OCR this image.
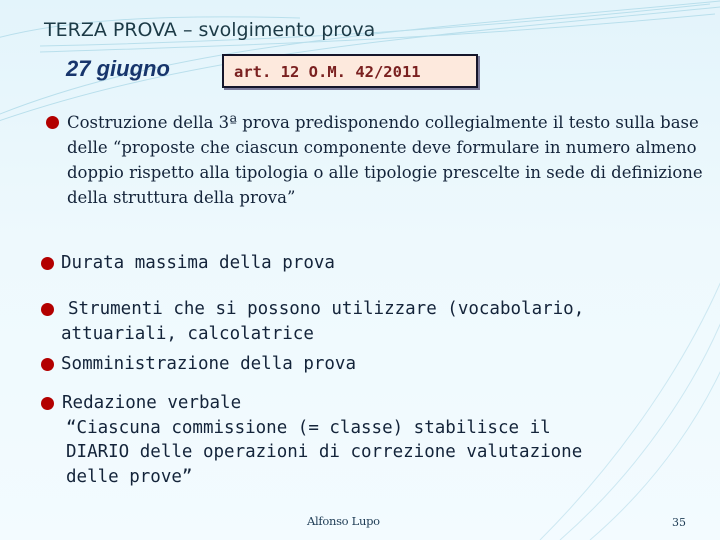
TERZA PROVA – svolgimento prova
27 giugno	art. 12 O.M. 42/2011
Costruzione della 3ª prova predisponendo collegialmente il testo sulla base delle “proposte che ciascun componente deve formulare in numero almeno doppio rispetto alla tipologia o alle tipologie prescelte in sede di definizione della struttura della prova”
Durata massima della prova
Strumenti che si possono utilizzare (vocabolario,
attuariali, calcolatrice
Somministrazione della prova
Redazione verbale
“Ciascuna commissione (= classe) stabilisce il
DIARIO delle operazioni di correzione valutazione
delle prove”
Alfonso Lupo	35
